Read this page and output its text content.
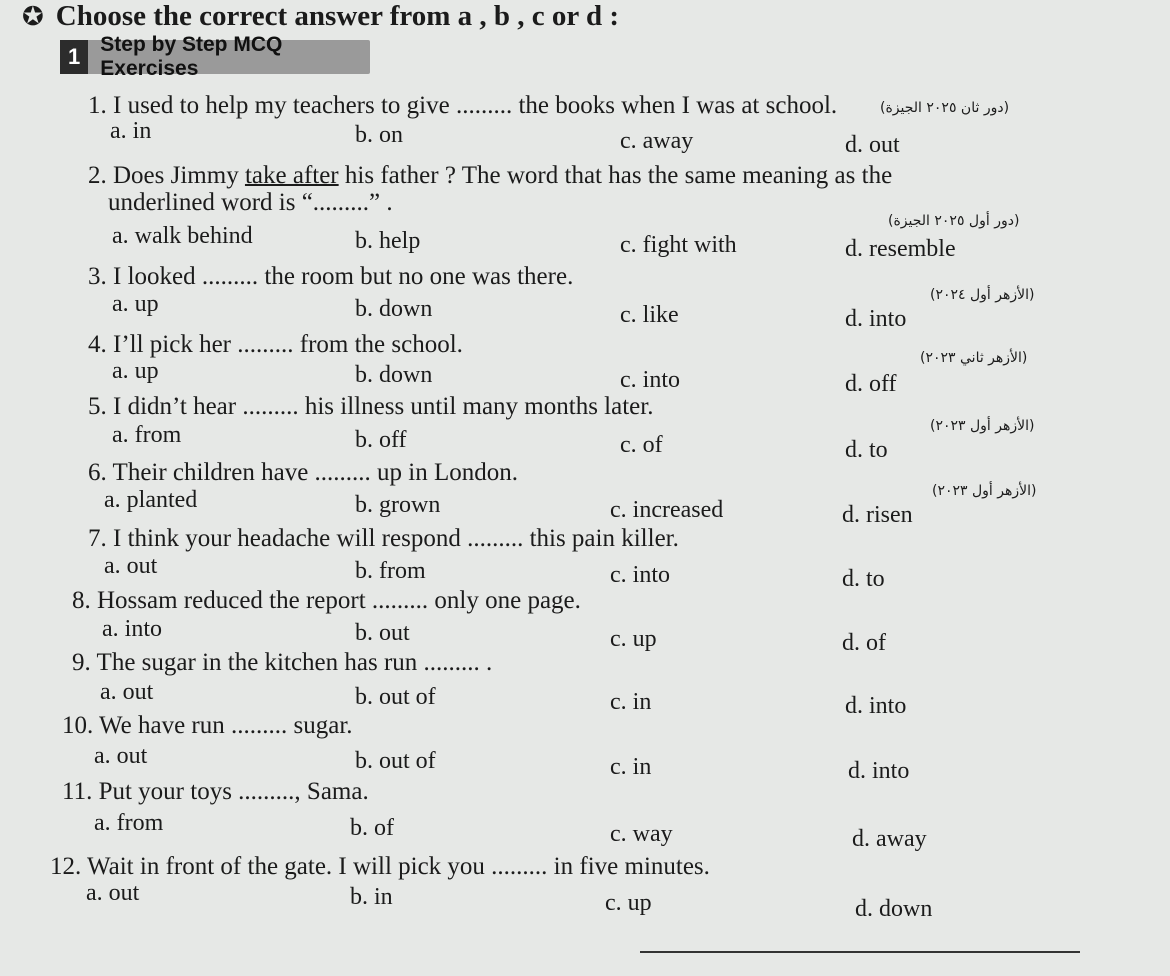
✪ Choose the correct answer from a , b , c or d :
1 Step by Step MCQ Exercises
1. I used to help my teachers to give ......... the books when I was at school.	(دور ثان ٢٠٢٥ الجيزة)
a. in	b. on	c. away	d. out
2. Does Jimmy take after his father ? The word that has the same meaning as the
underlined word is “.........” .
(دور أول ٢٠٢٥ الجيزة)
a. walk behind	b. help	c. fight with	d. resemble
3. I looked ......... the room but no one was there.
(الأزهر أول ٢٠٢٤)
a. up	b. down	c. like	d. into
4. I’ll pick her ......... from the school.	(الأزهر ثاني ٢٠٢٣)
a. up	b. down	c. into	d. off
5. I didn’t hear ......... his illness until many months later.
(الأزهر أول ٢٠٢٣)
a. from	b. off	c. of	d. to
6. Their children have ......... up in London.
(الأزهر أول ٢٠٢٣)
a. planted	b. grown	c. increased	d. risen
7. I think your headache will respond ......... this pain killer.
a. out	b. from	c. into	d. to
8. Hossam reduced the report ......... only one page.
a. into	b. out	c. up	d. of
9. The sugar in the kitchen has run ......... .
a. out	b. out of	c. in	d. into
10. We have run ......... sugar.
a. out	b. out of	c. in	d. into
11. Put your toys ........., Sama.
a. from	b. of	c. way	d. away
12. Wait in front of the gate. I will pick you ......... in five minutes.
a. out	b. in	c. up	d. down
